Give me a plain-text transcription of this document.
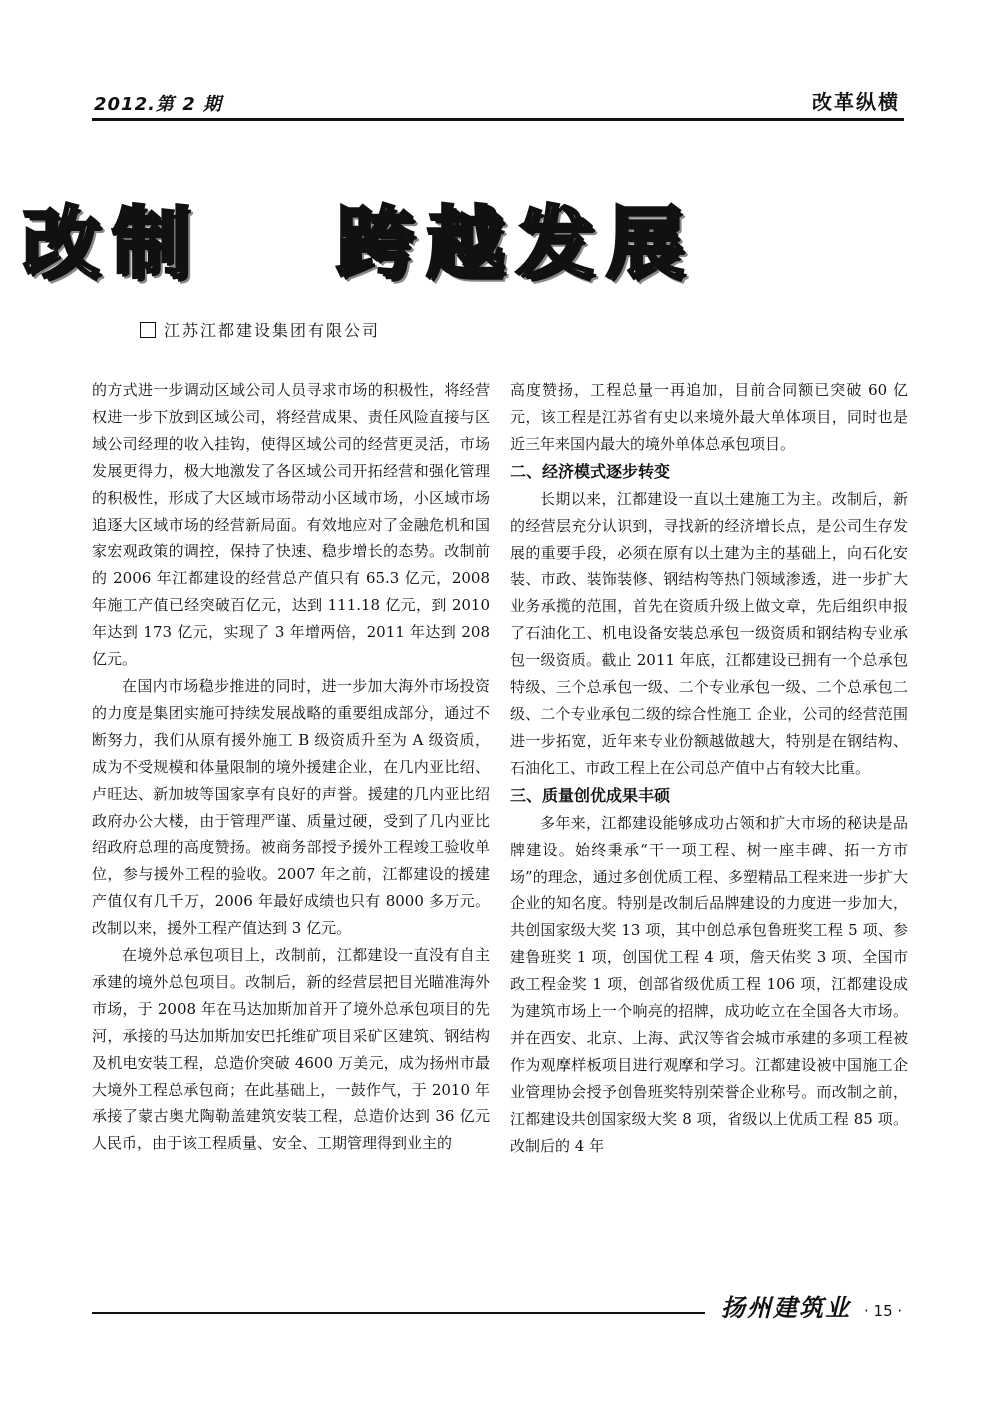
2012.第 2 期	改革纵横
改制 跨越发展
江苏江都建设集团有限公司

的方式进一步调动区域公司人员寻求市场的积极性，将经营权进一步下放到区域公司，将经营成果、责任风险直接与区域公司经理的收入挂钩，使得区域公司的经营更灵活，市场发展更得力，极大地激发了各区域公司开拓经营和强化管理的积极性，形成了大区域市场带动小区域市场，小区域市场追逐大区域市场的经营新局面。有效地应对了金融危机和国家宏观政策的调控，保持了快速、稳步增长的态势。改制前的 2006 年江都建设的经营总产值只有 65.3 亿元，2008 年施工产值已经突破百亿元，达到 111.18 亿元，到 2010 年达到 173 亿元，实现了 3 年增两倍，2011 年达到 208 亿元。

在国内市场稳步推进的同时，进一步加大海外市场投资的力度是集团实施可持续发展战略的重要组成部分，通过不断努力，我们从原有援外施工 B 级资质升至为 A 级资质，成为不受规模和体量限制的境外援建企业，在几内亚比绍、卢旺达、新加坡等国家享有良好的声誉。援建的几内亚比绍政府办公大楼，由于管理严谨、质量过硬，受到了几内亚比绍政府总理的高度赞扬。被商务部授予援外工程竣工验收单位，参与援外工程的验收。2007 年之前，江都建设的援建产值仅有几千万，2006 年最好成绩也只有 8000 多万元。改制以来，援外工程产值达到 3 亿元。

在境外总承包项目上，改制前，江都建设一直没有自主承建的境外总包项目。改制后，新的经营层把目光瞄准海外市场，于 2008 年在马达加斯加首开了境外总承包项目的先河，承接的马达加斯加安巴托维矿项目采矿区建筑、钢结构及机电安装工程，总造价突破 4600 万美元，成为扬州市最大境外工程总承包商；在此基础上，一鼓作气，于 2010 年承接了蒙古奥尤陶勒盖建筑安装工程，总造价达到 36 亿元人民币，由于该工程质量、安全、工期管理得到业主的

高度赞扬，工程总量一再追加，目前合同额已突破 60 亿元，该工程是江苏省有史以来境外最大单体项目，同时也是近三年来国内最大的境外单体总承包项目。

二、经济模式逐步转变

长期以来，江都建设一直以土建施工为主。改制后，新的经营层充分认识到，寻找新的经济增长点，是公司生存发展的重要手段，必须在原有以土建为主的基础上，向石化安装、市政、装饰装修、钢结构等热门领域渗透，进一步扩大业务承揽的范围，首先在资质升级上做文章，先后组织申报了石油化工、机电设备安装总承包一级资质和钢结构专业承包一级资质。截止 2011 年底，江都建设已拥有一个总承包特级、三个总承包一级、二个专业承包一级、二个总承包二级、二个专业承包二级的综合性施工 企业，公司的经营范围进一步拓宽，近年来专业份额越做越大，特别是在钢结构、石油化工、市政工程上在公司总产值中占有较大比重。

三、质量创优成果丰硕

多年来，江都建设能够成功占领和扩大市场的秘诀是品牌建设。始终秉承“干一项工程、树一座丰碑、拓一方市场”的理念，通过多创优质工程、多塑精品工程来进一步扩大企业的知名度。特别是改制后品牌建设的力度进一步加大，共创国家级大奖 13 项，其中创总承包鲁班奖工程 5 项、参建鲁班奖 1 项，创国优工程 4 项，詹天佑奖 3 项、全国市政工程金奖 1 项，创部省级优质工程 106 项，江都建设成为建筑市场上一个响亮的招牌，成功屹立在全国各大市场。并在西安、北京、上海、武汉等省会城市承建的多项工程被作为观摩样板项目进行观摩和学习。江都建设被中国施工企业管理协会授予创鲁班奖特别荣誉企业称号。而改制之前，江都建设共创国家级大奖 8 项，省级以上优质工程 85 项。改制后的 4 年

扬州建筑业 · 15 ·
